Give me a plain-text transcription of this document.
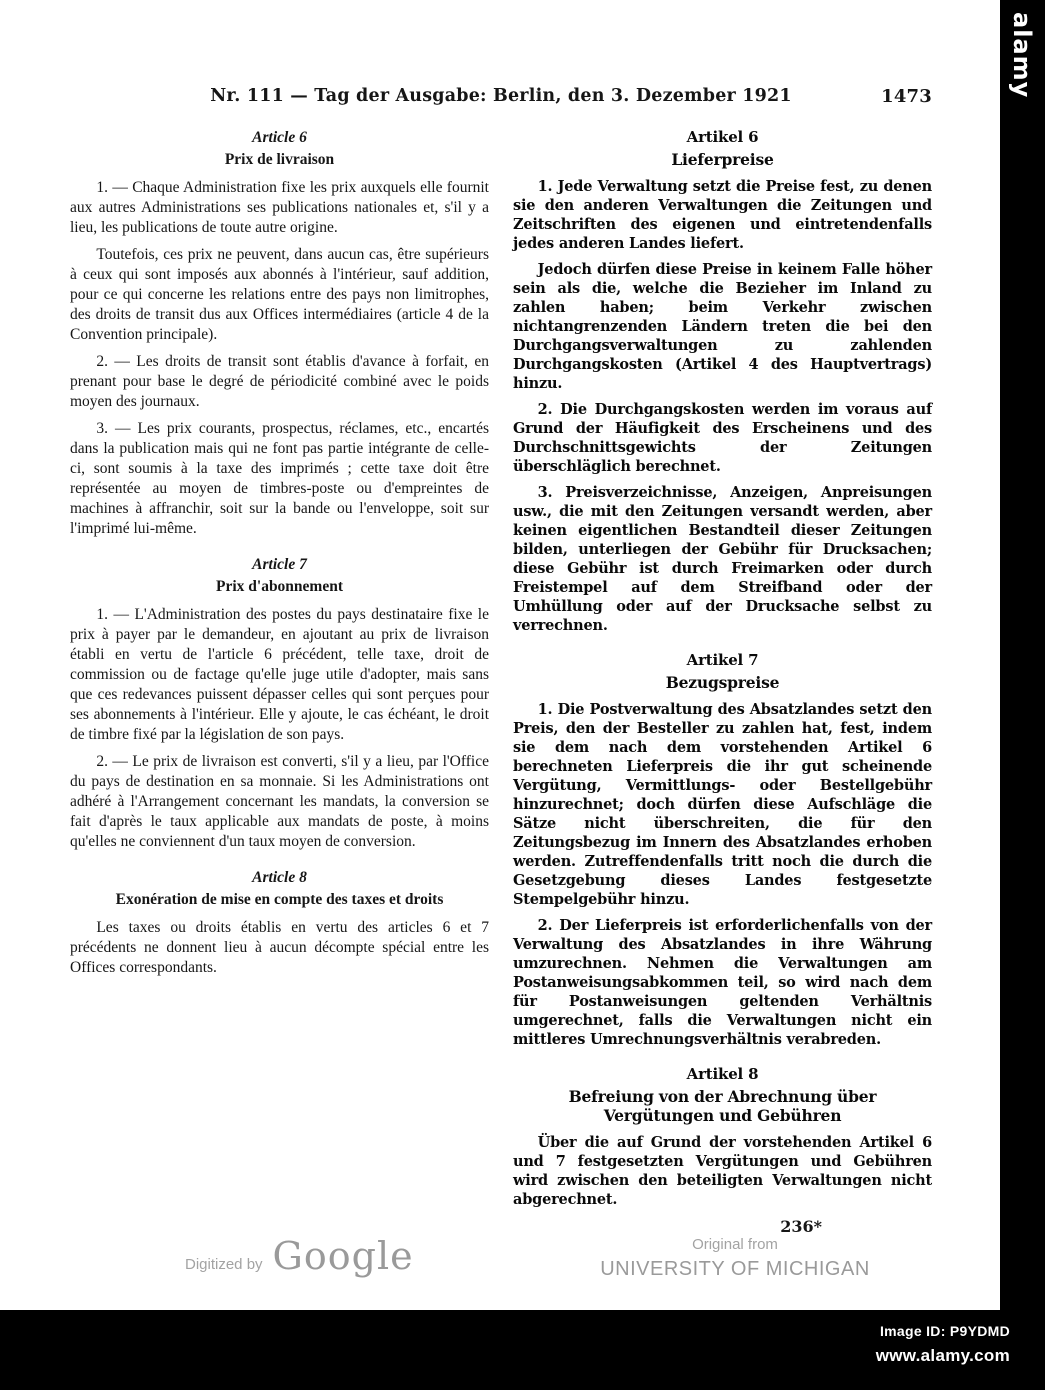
Nr. 111 — Tag der Ausgabe: Berlin, den 3. Dezember 1921	1473
Article 6
Prix de livraison

1. — Chaque Administration fixe les prix auxquels elle fournit aux autres Administrations ses publications nationales et, s'il y a lieu, les publications de toute autre origine.

Toutefois, ces prix ne peuvent, dans aucun cas, être supérieurs à ceux qui sont imposés aux abonnés à l'intérieur, sauf addition, pour ce qui concerne les relations entre des pays non limitrophes, des droits de transit dus aux Offices intermédiaires (article 4 de la Convention principale).

2. — Les droits de transit sont établis d'avance à forfait, en prenant pour base le degré de périodicité combiné avec le poids moyen des journaux.

3. — Les prix courants, prospectus, réclames, etc., encartés dans la publication mais qui ne font pas partie intégrante de celle-ci, sont soumis à la taxe des imprimés ; cette taxe doit être représentée au moyen de timbres-poste ou d'empreintes de machines à affranchir, soit sur la bande ou l'enveloppe, soit sur l'imprimé lui-même.

Article 7
Prix d'abonnement

1. — L'Administration des postes du pays destinataire fixe le prix à payer par le demandeur, en ajoutant au prix de livraison établi en vertu de l'article 6 précédent, telle taxe, droit de commission ou de factage qu'elle juge utile d'adopter, mais sans que ces redevances puissent dépasser celles qui sont perçues pour ses abonnements à l'intérieur. Elle y ajoute, le cas échéant, le droit de timbre fixé par la législation de son pays.

2. — Le prix de livraison est converti, s'il y a lieu, par l'Office du pays de destination en sa monnaie. Si les Administrations ont adhéré à l'Arrangement concernant les mandats, la conversion se fait d'après le taux applicable aux mandats de poste, à moins qu'elles ne conviennent d'un taux moyen de conversion.

Article 8
Exonération de mise en compte des taxes et droits

Les taxes ou droits établis en vertu des articles 6 et 7 précédents ne donnent lieu à aucun décompte spécial entre les Offices correspondants.

Artikel 6
Lieferpreise

1. Jede Verwaltung setzt die Preise fest, zu denen sie den anderen Verwaltungen die Zeitungen und Zeitschriften des eigenen und eintretendenfalls jedes anderen Landes liefert.

Jedoch dürfen diese Preise in keinem Falle höher sein als die, welche die Bezieher im Inland zu zahlen haben; beim Verkehr zwischen nichtangrenzenden Ländern treten die bei den Durchgangsverwaltungen zu zahlenden Durchgangskosten (Artikel 4 des Hauptvertrags) hinzu.

2. Die Durchgangskosten werden im voraus auf Grund der Häufigkeit des Erscheinens und des Durchschnittsgewichts der Zeitungen überschläglich berechnet.

3. Preisverzeichnisse, Anzeigen, Anpreisungen usw., die mit den Zeitungen versandt werden, aber keinen eigentlichen Bestandteil dieser Zeitungen bilden, unterliegen der Gebühr für Drucksachen; diese Gebühr ist durch Freimarken oder durch Freistempel auf dem Streifband oder der Umhüllung oder auf der Drucksache selbst zu verrechnen.

Artikel 7
Bezugspreise

1. Die Postverwaltung des Absatzlandes setzt den Preis, den der Besteller zu zahlen hat, fest, indem sie dem nach dem vorstehenden Artikel 6 berechneten Lieferpreis die ihr gut scheinende Vergütung, Vermittlungs- oder Bestellgebühr hinzurechnet; doch dürfen diese Aufschläge die Sätze nicht überschreiten, die für den Zeitungsbezug im Innern des Absatzlandes erhoben werden. Zutreffendenfalls tritt noch die durch die Gesetzgebung dieses Landes festgesetzte Stempelgebühr hinzu.

2. Der Lieferpreis ist erforderlichenfalls von der Verwaltung des Absatzlandes in ihre Währung umzurechnen. Nehmen die Verwaltungen am Postanweisungsabkommen teil, so wird nach dem für Postanweisungen geltenden Verhältnis umgerechnet, falls die Verwaltungen nicht ein mittleres Umrechnungsverhältnis verabreden.

Artikel 8
Befreiung von der Abrechnung über Vergütungen und Gebühren

Über die auf Grund der vorstehenden Artikel 6 und 7 festgesetzten Vergütungen und Gebühren wird zwischen den beteiligten Verwaltungen nicht abgerechnet.

236*
Digitized by Google	Original from
UNIVERSITY OF MICHIGAN
alamy
Image ID: P9YDMD
www.alamy.com
